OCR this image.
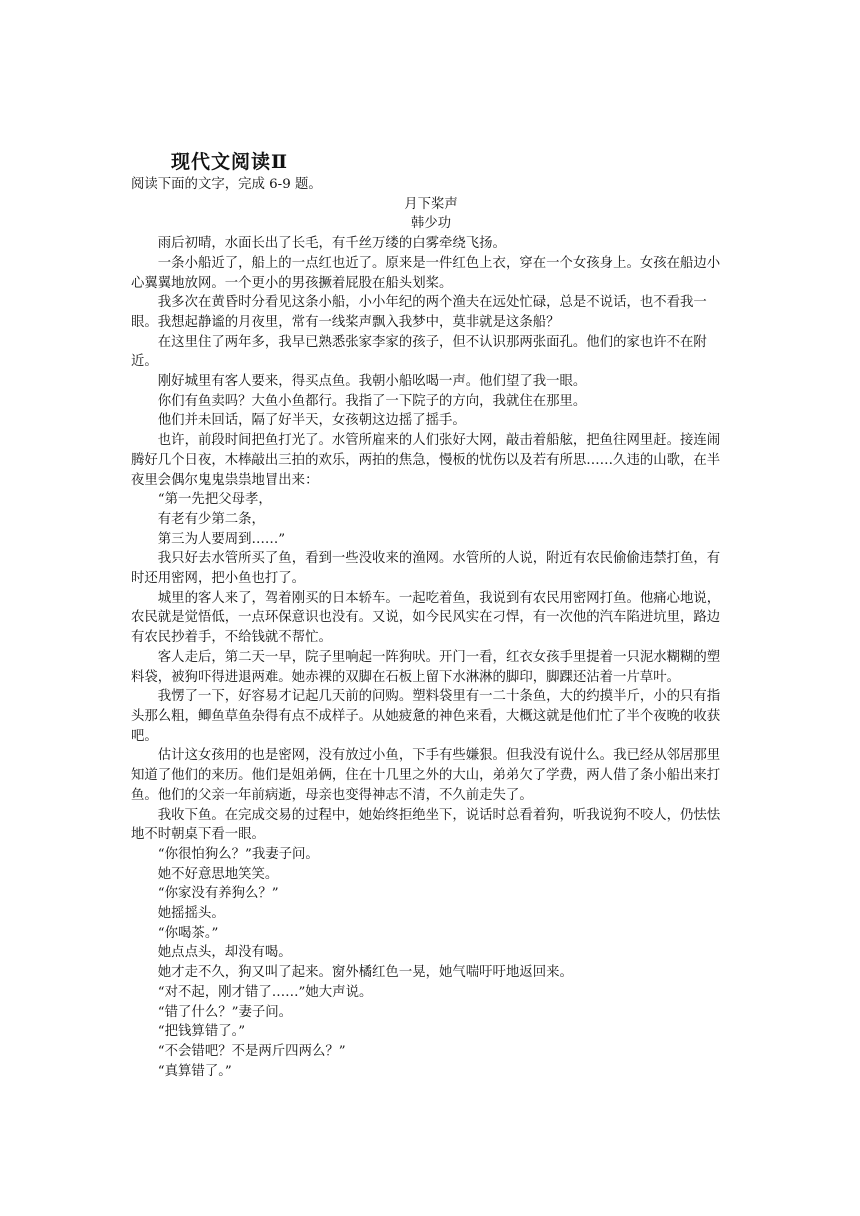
现代文阅读Ⅱ

阅读下面的文字，完成 6-9 题。

月下桨声

韩少功

雨后初晴，水面长出了长毛，有千丝万缕的白雾牵绕飞扬。

一条小船近了，船上的一点红也近了。原来是一件红色上衣，穿在一个女孩身上。女孩在船边小心翼翼地放网。一个更小的男孩撅着屁股在船头划桨。

我多次在黄昏时分看见这条小船，小小年纪的两个渔夫在远处忙碌，总是不说话，也不看我一眼。我想起静谧的月夜里，常有一线桨声飘入我梦中，莫非就是这条船？

在这里住了两年多，我早已熟悉张家李家的孩子，但不认识那两张面孔。他们的家也许不在附近。

刚好城里有客人要来，得买点鱼。我朝小船吆喝一声。他们望了我一眼。

你们有鱼卖吗？大鱼小鱼都行。我指了一下院子的方向，我就住在那里。

他们并未回话，隔了好半天，女孩朝这边摇了摇手。

也许，前段时间把鱼打光了。水管所雇来的人们张好大网，敲击着船舷，把鱼往网里赶。接连闹腾好几个日夜，木棒敲出三拍的欢乐，两拍的焦急，慢板的忧伤以及若有所思……久违的山歌，在半夜里会偶尔鬼鬼祟祟地冒出来：

“第一先把父母孝，

有老有少第二条，

第三为人要周到……”

我只好去水管所买了鱼，看到一些没收来的渔网。水管所的人说，附近有农民偷偷违禁打鱼，有时还用密网，把小鱼也打了。

城里的客人来了，驾着刚买的日本轿车。一起吃着鱼，我说到有农民用密网打鱼。他痛心地说，农民就是觉悟低，一点环保意识也没有。又说，如今民风实在刁悍，有一次他的汽车陷进坑里，路边有农民抄着手，不给钱就不帮忙。

客人走后，第二天一早，院子里响起一阵狗吠。开门一看，红衣女孩手里提着一只泥水糊糊的塑料袋，被狗吓得进退两难。她赤裸的双脚在石板上留下水淋淋的脚印，脚踝还沾着一片草叶。

我愣了一下，好容易才记起几天前的问购。塑料袋里有一二十条鱼，大的约摸半斤，小的只有指头那么粗，鲫鱼草鱼杂得有点不成样子。从她疲惫的神色来看，大概这就是他们忙了半个夜晚的收获吧。

估计这女孩用的也是密网，没有放过小鱼，下手有些嫌狠。但我没有说什么。我已经从邻居那里知道了他们的来历。他们是姐弟俩，住在十几里之外的大山，弟弟欠了学费，两人借了条小船出来打鱼。他们的父亲一年前病逝，母亲也变得神志不清，不久前走失了。

我收下鱼。在完成交易的过程中，她始终拒绝坐下，说话时总看着狗，听我说狗不咬人，仍怯怯地不时朝桌下看一眼。

“你很怕狗么？”我妻子问。

她不好意思地笑笑。

“你家没有养狗么？”

她摇摇头。

“你喝茶。”

她点点头，却没有喝。

她才走不久，狗又叫了起来。窗外橘红色一晃，她气喘吁吁地返回来。

“对不起，刚才错了……”她大声说。

“错了什么？”妻子问。

“把钱算错了。”

“不会错吧？不是两斤四两么？”

“真算错了。”
